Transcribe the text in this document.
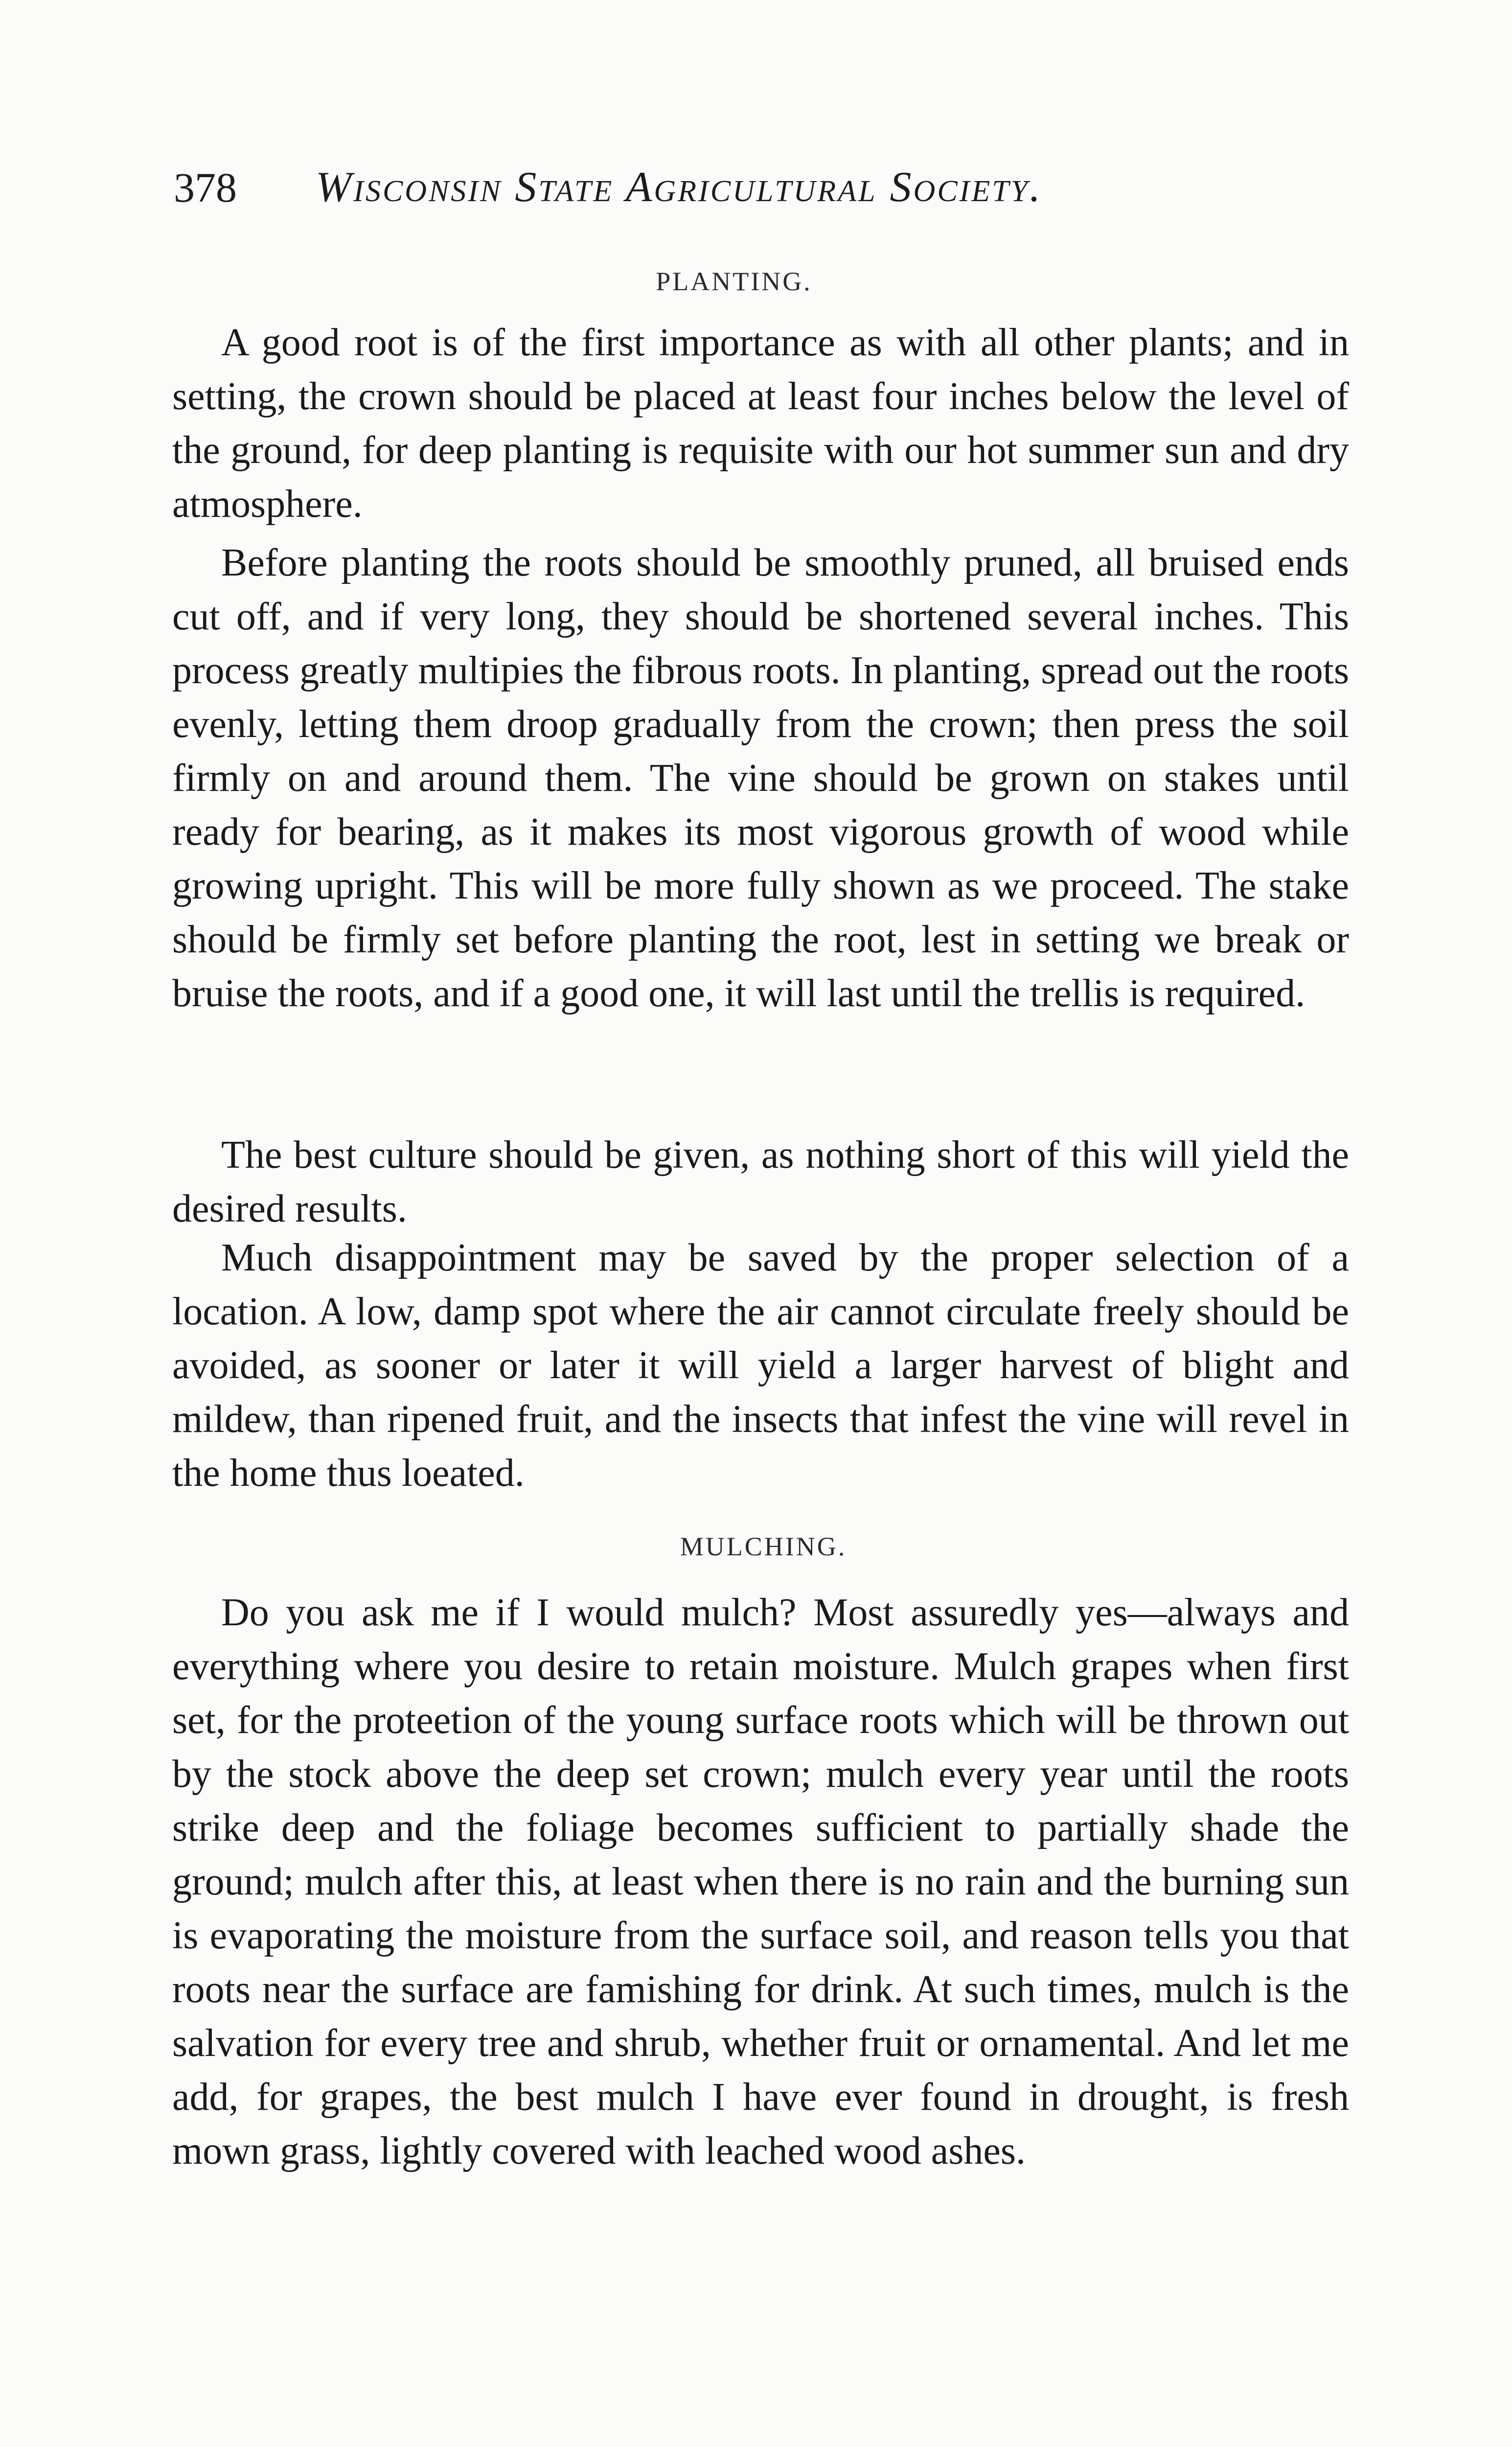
378 Wisconsin State Agricultural Society.
PLANTING.

A good root is of the first importance as with all other plants; and in setting, the crown should be placed at least four inches below the level of the ground, for deep planting is requisite with our hot summer sun and dry atmosphere.

Before planting the roots should be smoothly pruned, all bruised ends cut off, and if very long, they should be shortened several inches. This process greatly multipies the fibrous roots. In planting, spread out the roots evenly, letting them droop gradually from the crown; then press the soil firmly on and around them. The vine should be grown on stakes until ready for bearing, as it makes its most vigorous growth of wood while growing upright. This will be more fully shown as we proceed. The stake should be firmly set before planting the root, lest in setting we break or bruise the roots, and if a good one, it will last until the trellis is required.

The best culture should be given, as nothing short of this will yield the desired results.

Much disappointment may be saved by the proper selection of a location. A low, damp spot where the air cannot circulate freely should be avoided, as sooner or later it will yield a larger harvest of blight and mildew, than ripened fruit, and the insects that infest the vine will revel in the home thus loeated.

MULCHING.

Do you ask me if I would mulch? Most assuredly yes—always and everything where you desire to retain moisture. Mulch grapes when first set, for the proteetion of the young surface roots which will be thrown out by the stock above the deep set crown; mulch every year until the roots strike deep and the foliage becomes sufficient to partially shade the ground; mulch after this, at least when there is no rain and the burning sun is evaporating the moisture from the surface soil, and reason tells you that roots near the surface are famishing for drink. At such times, mulch is the salvation for every tree and shrub, whether fruit or ornamental. And let me add, for grapes, the best mulch I have ever found in drought, is fresh mown grass, lightly covered with leached wood ashes.
